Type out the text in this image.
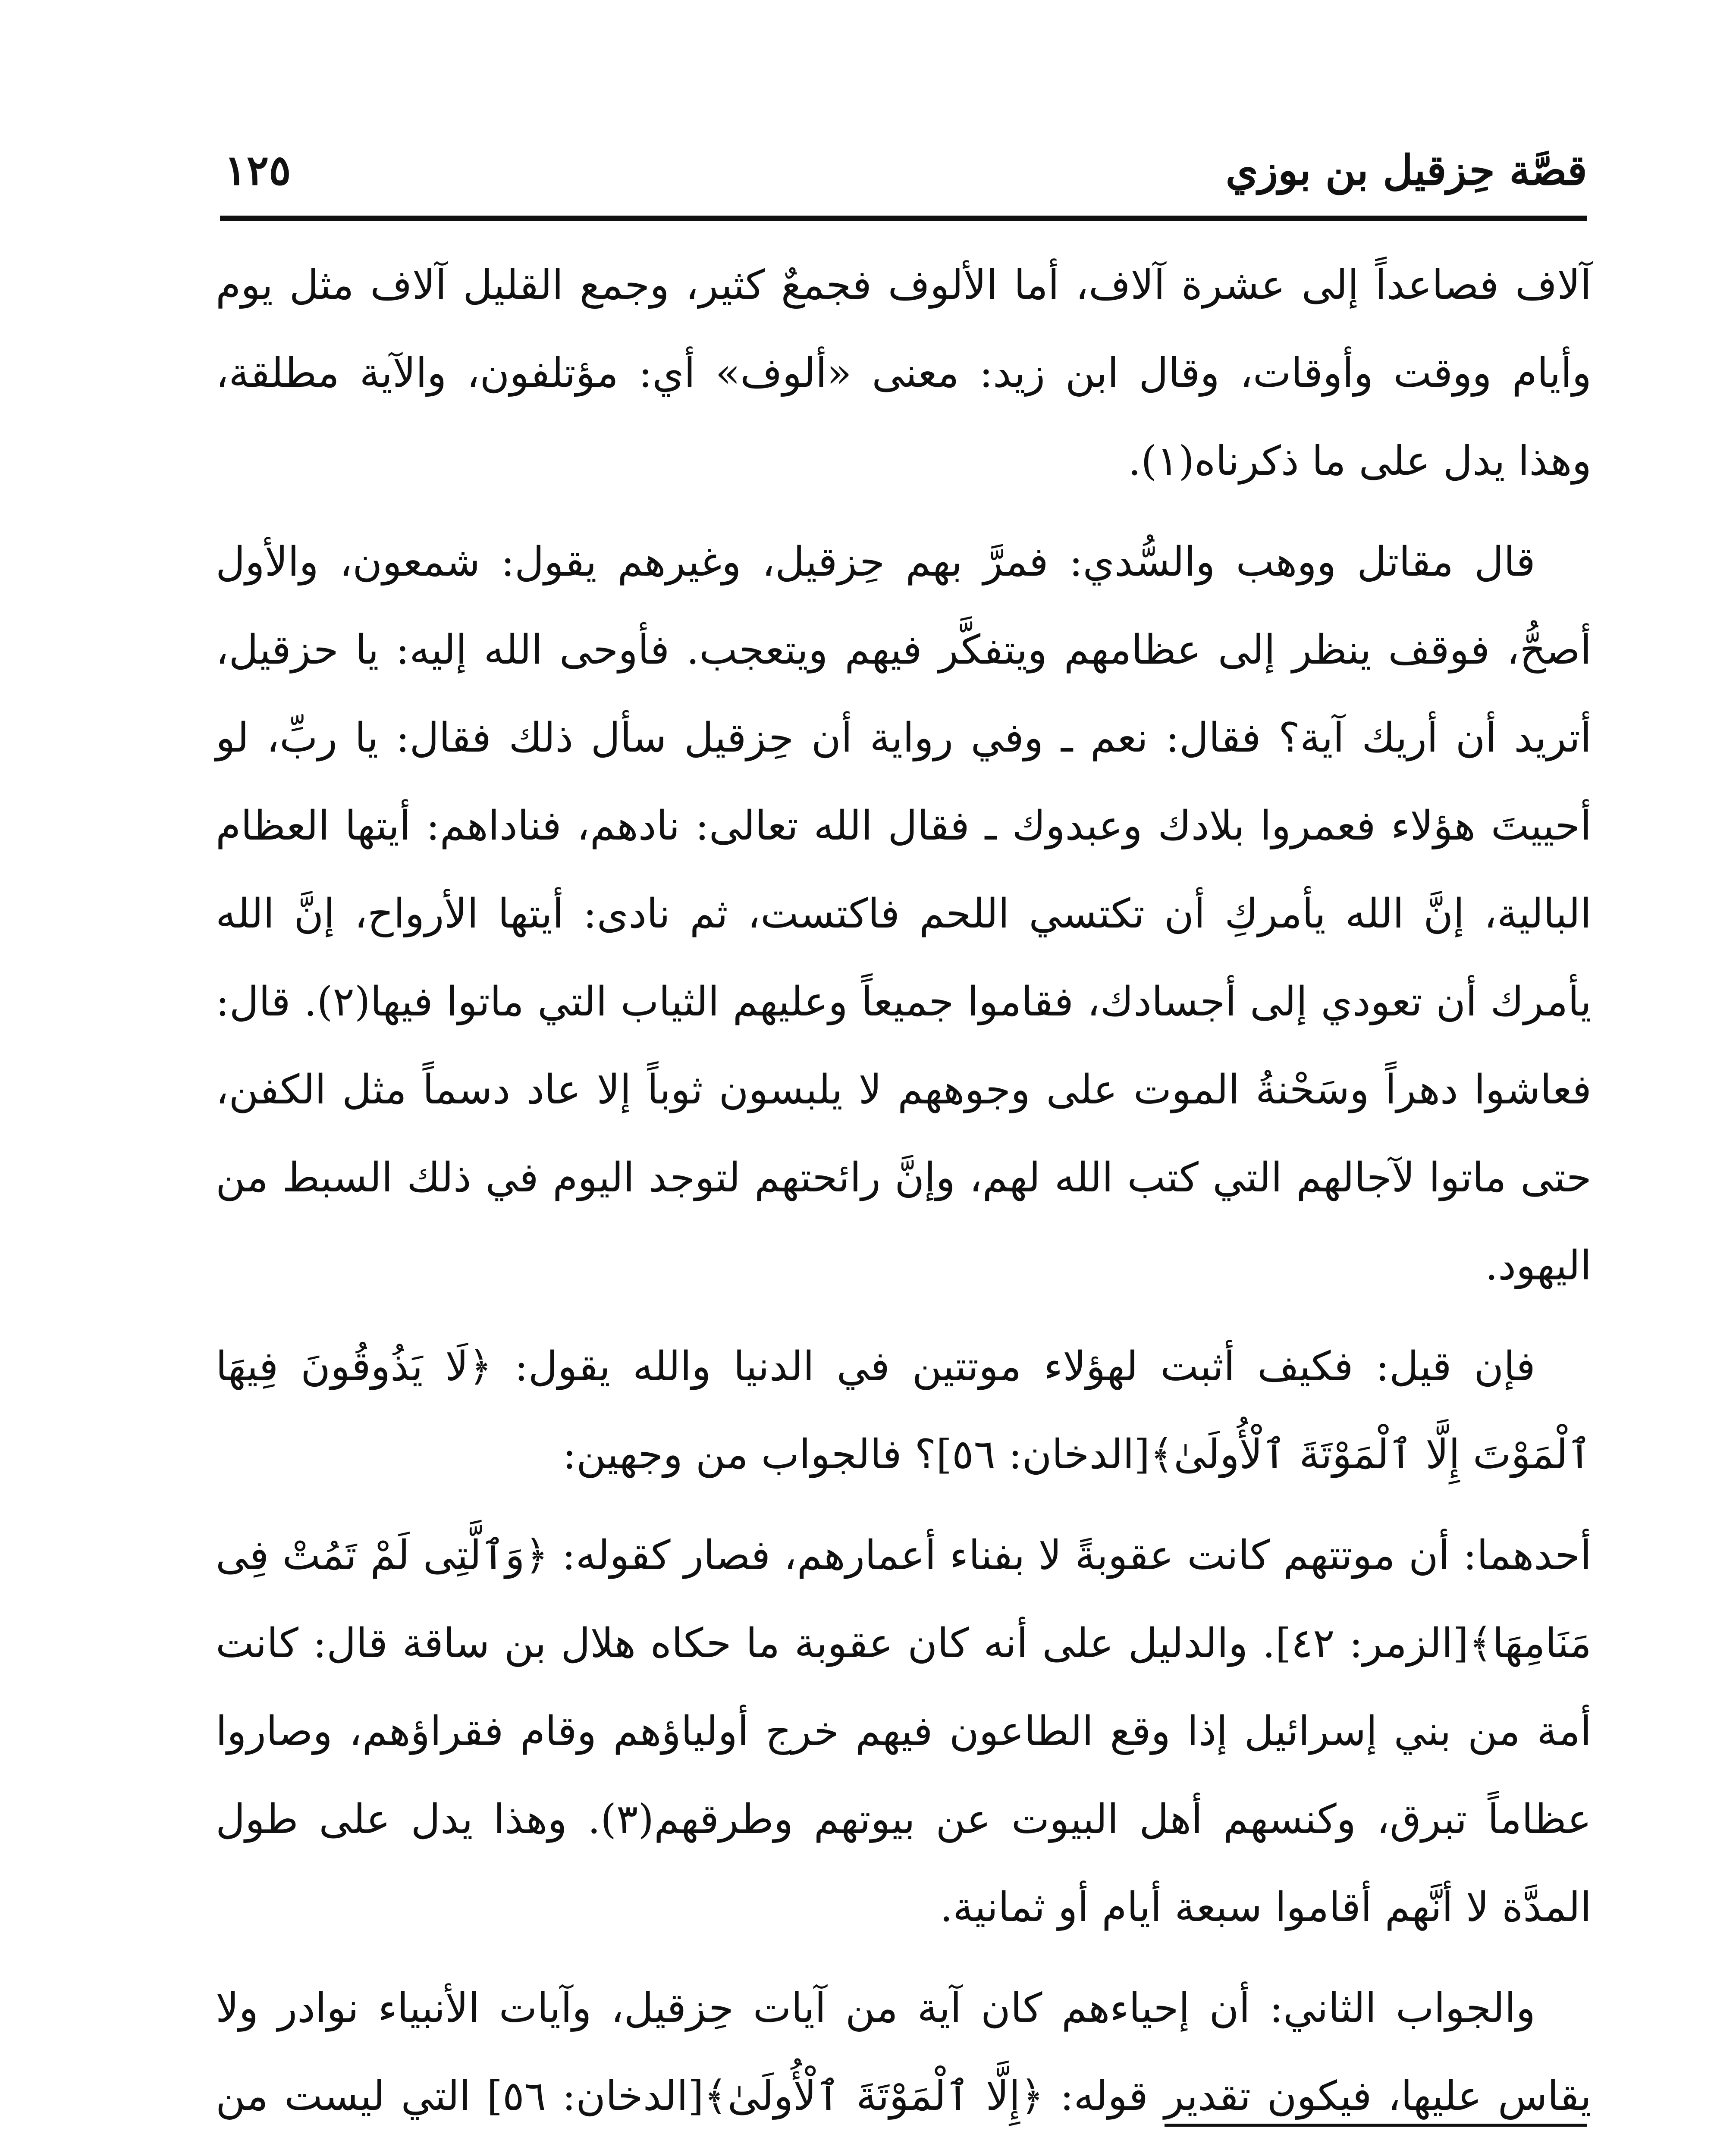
قصَّة حِزقيل بن بوزي
١٢٥

آلاف فصاعداً إلى عشرة آلاف، أما الألوف فجمعٌ كثير، وجمع القليل آلاف مثل يوم وأيام ووقت وأوقات، وقال ابن زيد: معنى «ألوف» أي: مؤتلفون، والآية مطلقة، وهذا يدل على ما ذكرناه(١).

قال مقاتل ووهب والسُّدي: فمرَّ بهم حِزقيل، وغيرهم يقول: شمعون، والأول أصحُّ، فوقف ينظر إلى عظامهم ويتفكَّر فيهم ويتعجب. فأوحى الله إليه: يا حزقيل، أتريد أن أريك آية؟ فقال: نعم ـ وفي رواية أن حِزقيل سأل ذلك فقال: يا ربِّ، لو أحييتَ هؤلاء فعمروا بلادك وعبدوك ـ فقال الله تعالى: نادهم، فناداهم: أيتها العظام البالية، إنَّ الله يأمركِ أن تكتسي اللحم فاكتست، ثم نادى: أيتها الأرواح، إنَّ الله يأمرك أن تعودي إلى أجسادك، فقاموا جميعاً وعليهم الثياب التي ماتوا فيها(٢). قال: فعاشوا دهراً وسَحْنةُ الموت على وجوههم لا يلبسون ثوباً إلا عاد دسماً مثل الكفن، حتى ماتوا لآجالهم التي كتب الله لهم، وإنَّ رائحتهم لتوجد اليوم في ذلك السبط من اليهود.

فإن قيل: فكيف أثبت لهؤلاء موتتين في الدنيا والله يقول: ﴿لَا يَذُوقُونَ فِيهَا ٱلْمَوْتَ إِلَّا ٱلْمَوْتَةَ ٱلْأُولَىٰ﴾[الدخان: ٥٦]؟ فالجواب من وجهين:

أحدهما: أن موتتهم كانت عقوبةً لا بفناء أعمارهم، فصار كقوله: ﴿وَٱلَّتِى لَمْ تَمُتْ فِى مَنَامِهَا﴾[الزمر: ٤٢]. والدليل على أنه كان عقوبة ما حكاه هلال بن ساقة قال: كانت أمة من بني إسرائيل إذا وقع الطاعون فيهم خرج أولياؤهم وقام فقراؤهم، وصاروا عظاماً تبرق، وكنسهم أهل البيوت عن بيوتهم وطرقهم(٣). وهذا يدل على طول المدَّة لا أنَّهم أقاموا سبعة أيام أو ثمانية.

والجواب الثاني: أن إحياءهم كان آية من آيات حِزقيل، وآيات الأنبياء نوادر ولا يقاس عليها، فيكون تقدير قوله: ﴿إِلَّا ٱلْمَوْتَةَ ٱلْأُولَىٰ﴾[الدخان: ٥٦] التي ليست من
